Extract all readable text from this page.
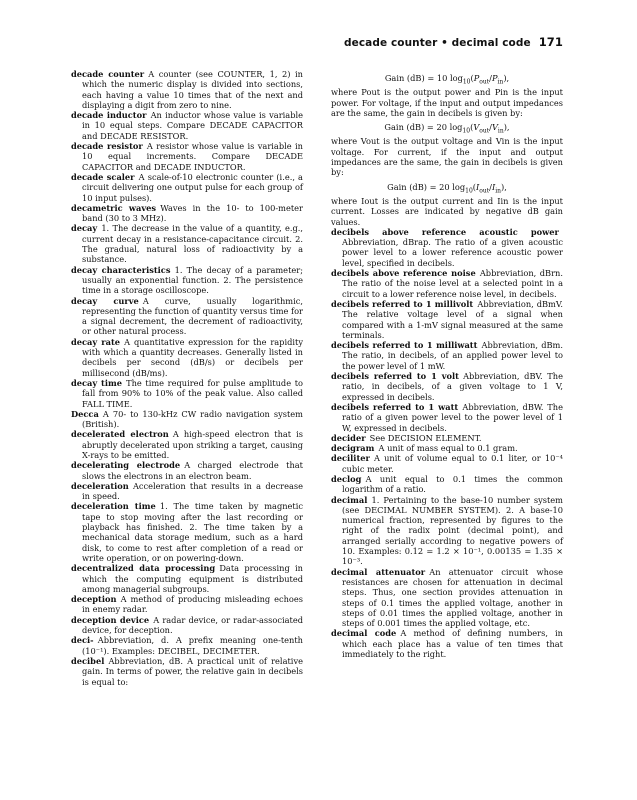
decade counter • decimal code 171

decade counter  A counter (see COUNTER, 1, 2) in which the numeric display is divided into sections, each having a value 10 times that of the next and displaying a digit from zero to nine.

decade inductor  An inductor whose value is variable in 10 equal steps. Compare DECADE CAPACITOR and DECADE RESISTOR.

decade resistor  A resistor whose value is variable in 10 equal increments. Compare DECADE CAPACITOR and DECADE INDUCTOR.

decade scaler  A scale-of-10 electronic counter (i.e., a circuit delivering one output pulse for each group of 10 input pulses).

decametric waves  Waves in the 10- to 100-meter band (30 to 3 MHz).

decay  1. The decrease in the value of a quantity, e.g., current decay in a resistance-capacitance circuit. 2. The gradual, natural loss of radioactivity by a substance.

decay characteristics  1. The decay of a parameter; usually an exponential function. 2. The persistence time in a storage oscilloscope.

decay curve  A curve, usually logarithmic, representing the function of quantity versus time for a signal decrement, the decrement of radioactivity, or other natural process.

decay rate  A quantitative expression for the rapidity with which a quantity decreases. Generally listed in decibels per second (dB/s) or decibels per millisecond (dB/ms).

decay time  The time required for pulse amplitude to fall from 90% to 10% of the peak value. Also called FALL TIME.

Decca  A 70- to 130-kHz CW radio navigation system (British).

decelerated electron  A high-speed electron that is abruptly decelerated upon striking a target, causing X-rays to be emitted.

decelerating electrode  A charged electrode that slows the electrons in an electron beam.

deceleration  Acceleration that results in a decrease in speed.

deceleration time  1. The time taken by magnetic tape to stop moving after the last recording or playback has finished. 2. The time taken by a mechanical data storage medium, such as a hard disk, to come to rest after completion of a read or write operation, or on powering-down.

decentralized data processing  Data processing in which the computing equipment is distributed among managerial subgroups.

deception  A method of producing misleading echoes in enemy radar.

deception device  A radar device, or radar-associated device, for deception.

deci-  Abbreviation, d. A prefix meaning one-tenth (10⁻¹). Examples: DECIBEL, DECIMETER.

decibel  Abbreviation, dB. A practical unit of relative gain. In terms of power, the relative gain in decibels is equal to:

Gain (dB) = 10 $\log_{10}(P_{out}/P_{in})$,

where Pout is the output power and Pin is the input power. For voltage, if the input and output impedances are the same, the gain in decibels is given by:

Gain (dB) = 20 $\log_{10}(V_{out}/V_{in})$,

where Vout is the output voltage and Vin is the input voltage. For current, if the input and output impedances are the same, the gain in decibels is given by:

Gain (dB) = 20 $\log_{10}(I_{out}/I_{in})$,

where Iout is the output current and Iin is the input current. Losses are indicated by negative dB gain values.

decibels above reference acoustic power Abbreviation, dBrap. The ratio of a given acoustic power level to a lower reference acoustic power level, specified in decibels.

decibels above reference noise  Abbreviation, dBrn. The ratio of the noise level at a selected point in a circuit to a lower reference noise level, in decibels.

decibels referred to 1 millivolt  Abbreviation, dBmV. The relative voltage level of a signal when compared with a 1-mV signal measured at the same terminals.

decibels referred to 1 milliwatt  Abbreviation, dBm. The ratio, in decibels, of an applied power level to the power level of 1 mW.

decibels referred to 1 volt  Abbreviation, dBV. The ratio, in decibels, of a given voltage to 1 V, expressed in decibels.

decibels referred to 1 watt  Abbreviation, dBW. The ratio of a given power level to the power level of 1 W, expressed in decibels.

decider  See DECISION ELEMENT.

decigram  A unit of mass equal to 0.1 gram.

deciliter  A unit of volume equal to 0.1 liter, or 10⁻⁴ cubic meter.

declog  A unit equal to 0.1 times the common logarithm of a ratio.

decimal  1. Pertaining to the base-10 number system (see DECIMAL NUMBER SYSTEM). 2. A base-10 numerical fraction, represented by figures to the right of the radix point (decimal point), and arranged serially according to negative powers of 10. Examples: 0.12 = 1.2 × 10⁻¹, 0.00135 = 1.35 × 10⁻³.

decimal attenuator  An attenuator circuit whose resistances are chosen for attenuation in decimal steps. Thus, one section provides attenuation in steps of 0.1 times the applied voltage, another in steps of 0.01 times the applied voltage, another in steps of 0.001 times the applied voltage, etc.

decimal code  A method of defining numbers, in which each place has a value of ten times that immediately to the right.
